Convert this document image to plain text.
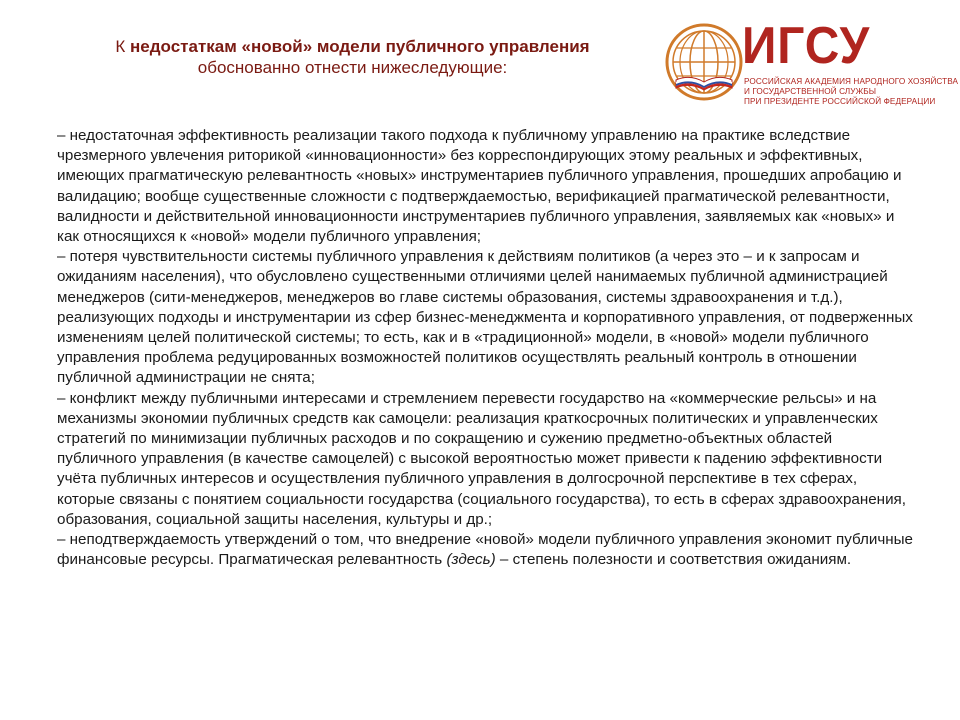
К недостаткам «новой» модели публичного управления
обоснованно отнести нижеследующие:	ИГСУ
РОССИЙСКАЯ АКАДЕМИЯ НАРОДНОГО ХОЗЯЙСТВА
И ГОСУДАРСТВЕННОЙ СЛУЖБЫ
ПРИ ПРЕЗИДЕНТЕ РОССИЙСКОЙ ФЕДЕРАЦИИ

– недостаточная эффективность реализации такого подхода к публичному управлению на практике вследствие чрезмерного увлечения риторикой «инновационности» без корреспондирующих этому реальных и эффективных, имеющих прагматическую релевантность «новых» инструментариев публичного управления, прошедших апробацию и валидацию; вообще существенные сложности с подтверждаемостью, верификацией прагматической релевантности, валидности и действительной инновационности инструментариев публичного управления, заявляемых как «новых» и как относящихся к «новой» модели публичного управления;

– потеря чувствительности системы публичного управления к действиям политиков (а через это – и к запросам и ожиданиям населения), что обусловлено существенными отличиями целей нанимаемых публичной администрацией менеджеров (сити-менеджеров, менеджеров во главе системы образования, системы здравоохранения и т.д.), реализующих подходы и инструментарии из сфер бизнес-менеджмента и корпоративного управления, от подверженных изменениям целей политической системы; то есть, как и в «традиционной» модели, в «новой» модели публичного управления проблема редуцированных возможностей политиков осуществлять реальный контроль в отношении публичной администрации не снята;

– конфликт между публичными интересами и стремлением перевести государство на «коммерческие рельсы» и на механизмы экономии публичных средств как самоцели: реализация краткосрочных политических и управленческих стратегий по минимизации публичных расходов и по сокращению и сужению предметно-объектных областей публичного управления (в качестве самоцелей) с высокой вероятностью может привести к падению эффективности учёта публичных интересов и осуществления публичного управления в долгосрочной перспективе в тех сферах, которые связаны с понятием социальности государства (социального государства), то есть в сферах здравоохранения, образования, социальной защиты населения, культуры и др.;

– неподтверждаемость утверждений о том, что внедрение «новой» модели публичного управления экономит публичные финансовые ресурсы. Прагматическая релевантность (здесь) – степень полезности и соответствия ожиданиям.
